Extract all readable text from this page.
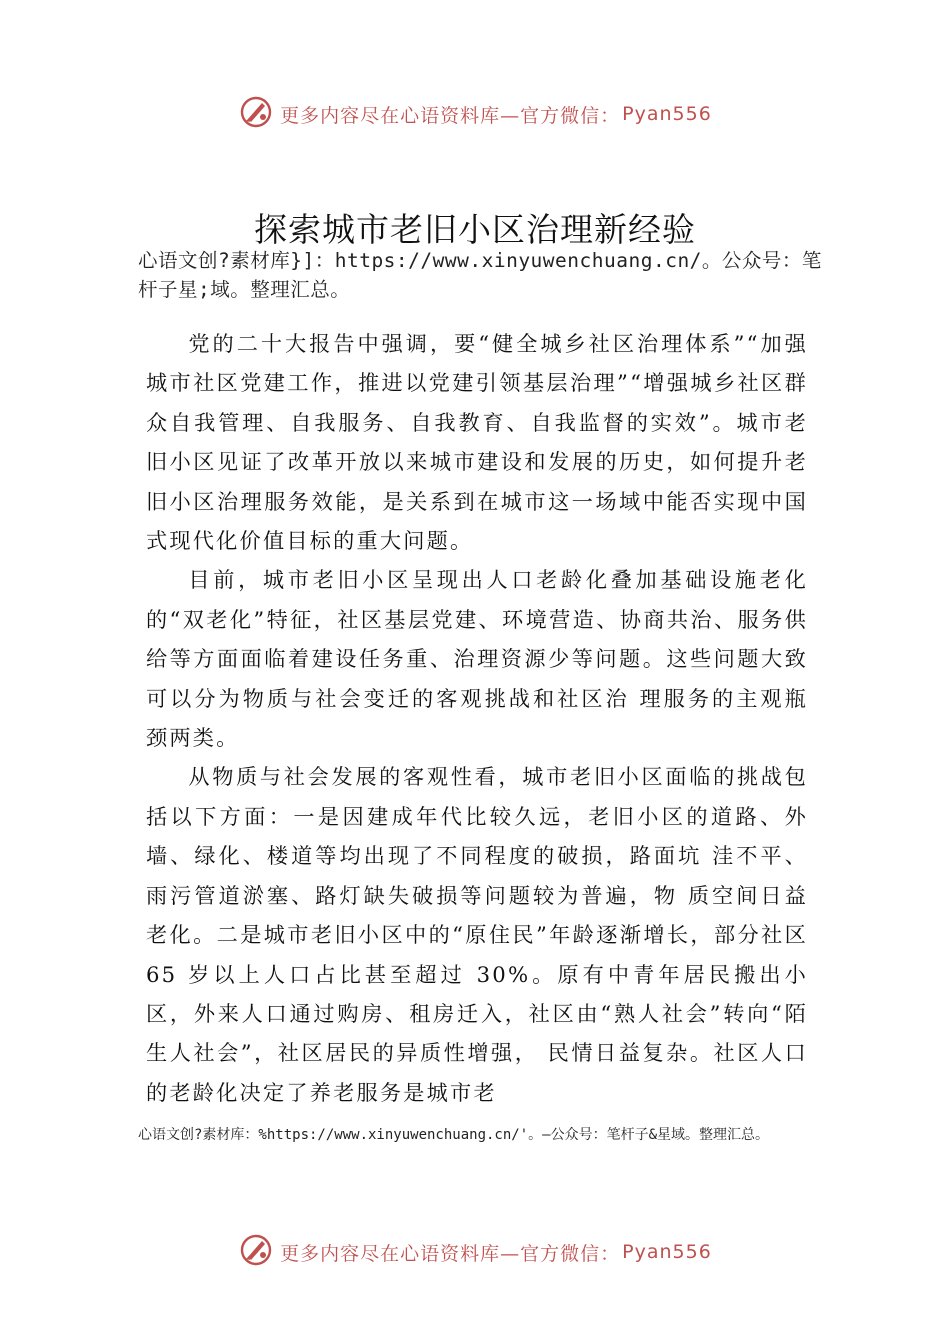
更多内容尽在心语资料库—官方微信： Pyan556
探索城市老旧小区治理新经验
心语文创?素材库}]：https://www.xinyuwenchuang.cn/。公众号：笔杆子星;域。整理汇总。

党的二十大报告中强调，要“健全城乡社区治理体系”“加强城市社区党建工作，推进以党建引领基层治理”“增强城乡社区群众自我管理、自我服务、自我教育、自我监督的实效”。城市老旧小区见证了改革开放以来城市建设和发展的历史，如何提升老旧小区治理服务效能，是关系到在城市这一场域中能否实现中国式现代化价值目标的重大问题。

目前，城市老旧小区呈现出人口老龄化叠加基础设施老化的“双老化”特征，社区基层党建、环境营造、协商共治、服务供给等方面面临着建设任务重、治理资源少等问题。这些问题大致可以分为物质与社会变迁的客观挑战和社区治 理服务的主观瓶颈两类。

从物质与社会发展的客观性看，城市老旧小区面临的挑战包括以下方面：一是因建成年代比较久远，老旧小区的道路、外墙、绿化、楼道等均出现了不同程度的破损，路面坑 洼不平、雨污管道淤塞、路灯缺失破损等问题较为普遍，物 质空间日益老化。二是城市老旧小区中的“原住民”年龄逐渐增长，部分社区 65 岁以上人口占比甚至超过 30%。原有中青年居民搬出小区，外来人口通过购房、租房迁入，社区由“熟人社会”转向“陌生人社会”，社区居民的异质性增强， 民情日益复杂。社区人口的老龄化决定了养老服务是城市老

心语文创?素材库：%https://www.xinyuwenchuang.cn/'。—公众号：笔杆子&星域。整理汇总。
更多内容尽在心语资料库—官方微信： Pyan556
